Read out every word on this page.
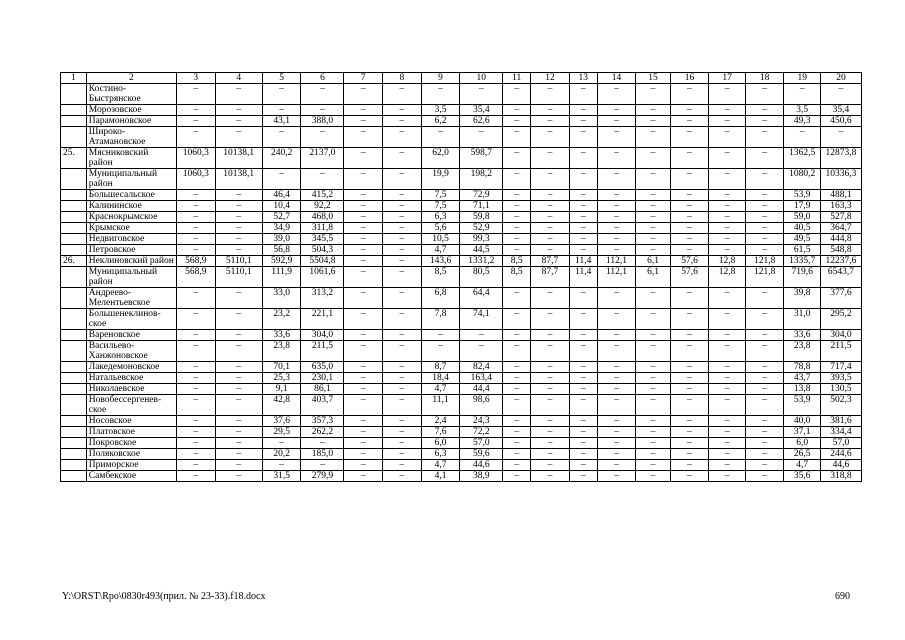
1	2	3	4	5	6	7	8	9	10	11	12	13	14	15	16	17	18	19	20
	Костино-Быстрянское	–	–	–	–	–	–	–	–	–	–	–	–	–	–	–	–	–	–
	Морозовское	–	–	–	–	–	–	3,5	35,4	–	–	–	–	–	–	–	–	3,5	35,4
	Парамоновское	–	–	43,1	388,0	–	–	6,2	62,6	–	–	–	–	–	–	–	–	49,3	450,6
	Широко-Атамановское	–	–	–	–	–	–	–	–	–	–	–	–	–	–	–	–	–	–
25.	Мясниковский район	1060,3	10138,1	240,2	2137,0	–	–	62,0	598,7	–	–	–	–	–	–	–	–	1362,5	12873,8
	Муниципальный район	1060,3	10138,1	–	–	–	–	19,9	198,2	–	–	–	–	–	–	–	–	1080,2	10336,3
	Большесальское	–	–	46,4	415,2	–	–	7,5	72,9	–	–	–	–	–	–	–	–	53,9	488,1
	Калининское	–	–	10,4	92,2	–	–	7,5	71,1	–	–	–	–	–	–	–	–	17,9	163,3
	Краснокрымское	–	–	52,7	468,0	–	–	6,3	59,8	–	–	–	–	–	–	–	–	59,0	527,8
	Крымское	–	–	34,9	311,8	–	–	5,6	52,9	–	–	–	–	–	–	–	–	40,5	364,7
	Недвиговское	–	–	39,0	345,5	–	–	10,5	99,3	–	–	–	–	–	–	–	–	49,5	444,8
	Петровское	–	–	56,8	504,3	–	–	4,7	44,5	–	–	–	–	–	–	–	–	61,5	548,8
26.	Неклиновский район	568,9	5110,1	592,9	5504,8	–	–	143,6	1331,2	8,5	87,7	11,4	112,1	6,1	57,6	12,8	121,8	1335,7	12237,6
	Муниципальный район	568,9	5110,1	111,9	1061,6	–	–	8,5	80,5	8,5	87,7	11,4	112,1	6,1	57,6	12,8	121,8	719,6	6543,7
	Андреево-Мелентьевское	–	–	33,0	313,2	–	–	6,8	64,4	–	–	–	–	–	–	–	–	39,8	377,6
	Большенеклинов-ское	–	–	23,2	221,1	–	–	7,8	74,1	–	–	–	–	–	–	–	–	31,0	295,2
	Вареновское	–	–	33,6	304,0	–	–	–	–	–	–	–	–	–	–	–	–	33,6	304,0
	Васильево-Ханжоновское	–	–	23,8	211,5	–	–	–	–	–	–	–	–	–	–	–	–	23,8	211,5
	Лакедемоновское	–	–	70,1	635,0	–	–	8,7	82,4	–	–	–	–	–	–	–	–	78,8	717,4
	Натальевское	–	–	25,3	230,1	–	–	18,4	163,4	–	–	–	–	–	–	–	–	43,7	393,5
	Николаевское	–	–	9,1	86,1	–	–	4,7	44,4	–	–	–	–	–	–	–	–	13,8	130,5
	Новобессергенев-ское	–	–	42,8	403,7	–	–	11,1	98,6	–	–	–	–	–	–	–	–	53,9	502,3
	Носовское	–	–	37,6	357,3	–	–	2,4	24,3	–	–	–	–	–	–	–	–	40,0	381,6
	Платовское	–	–	29,5	262,2	–	–	7,6	72,2	–	–	–	–	–	–	–	–	37,1	334,4
	Покровское	–	–	–	–	–	–	6,0	57,0	–	–	–	–	–	–	–	–	6,0	57,0
	Поляковское	–	–	20,2	185,0	–	–	6,3	59,6	–	–	–	–	–	–	–	–	26,5	244,6
	Приморское	–	–	–	–	–	–	4,7	44,6	–	–	–	–	–	–	–	–	4,7	44,6
	Самбекское	–	–	31,5	279,9	–	–	4,1	38,9	–	–	–	–	–	–	–	–	35,6	318,8
Y:\ORST\Rpo\0830r493(прил. № 23-33).f18.docx	690
